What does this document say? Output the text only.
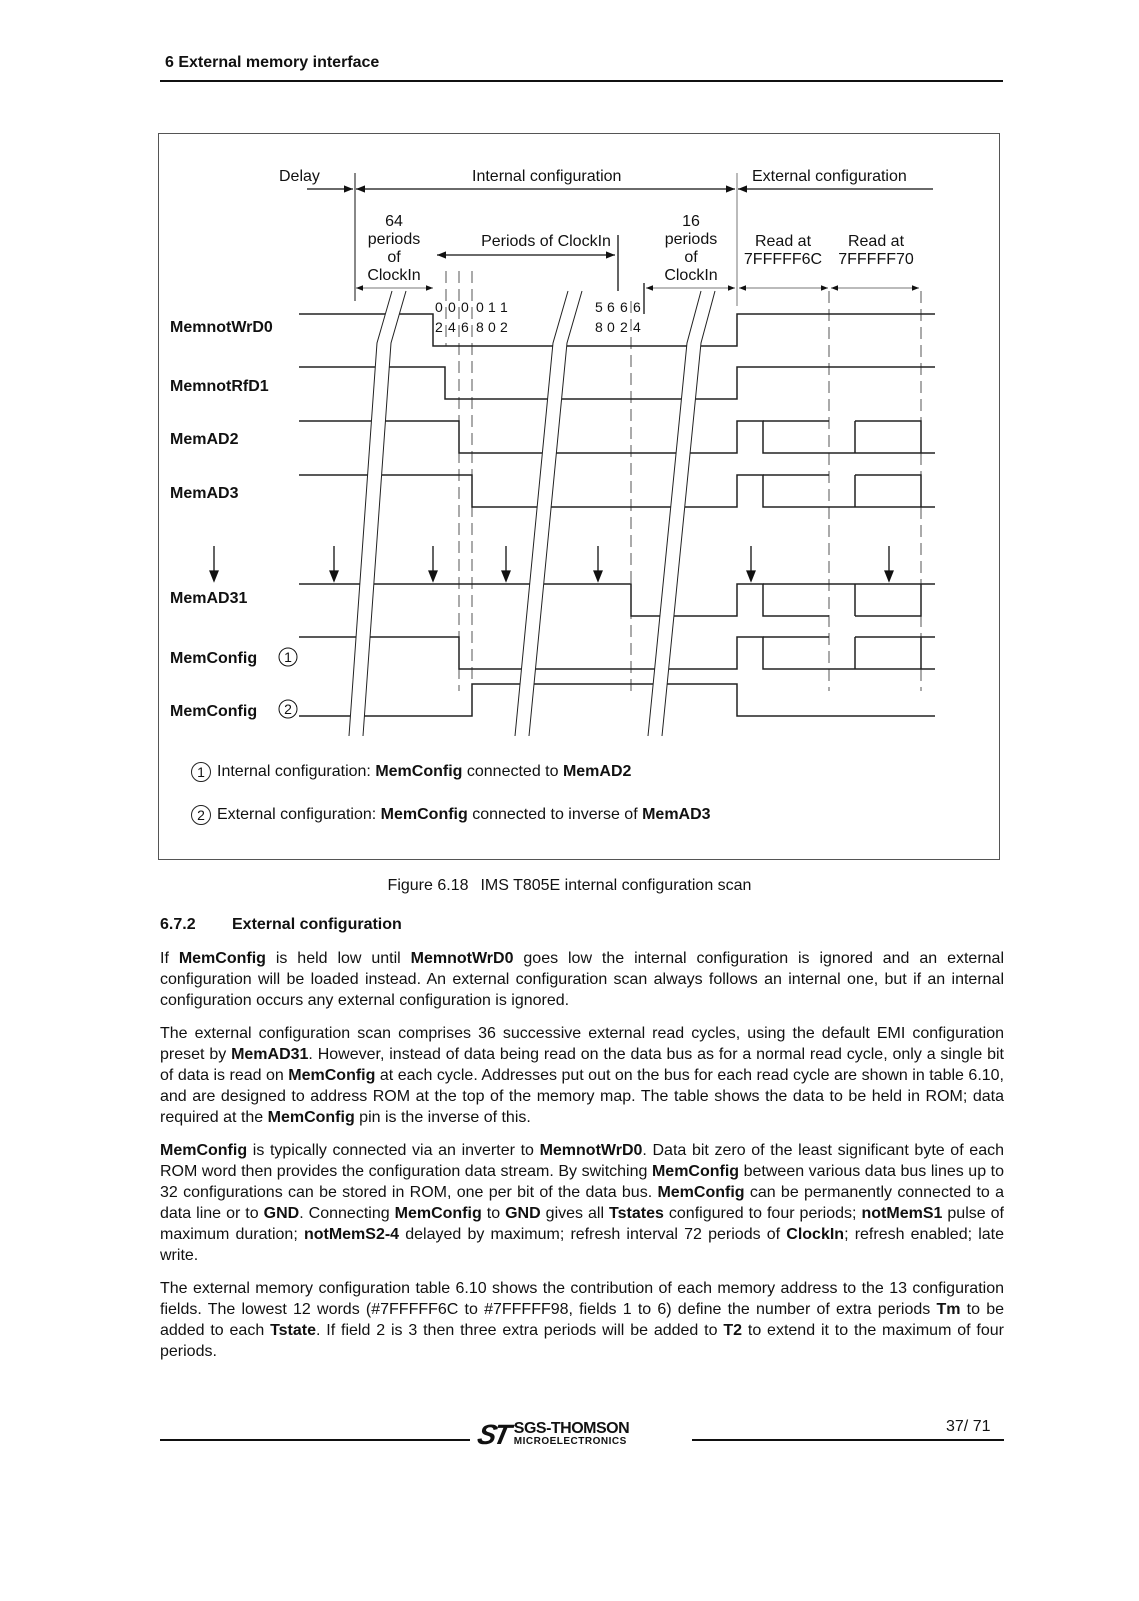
6 External memory interface
Delay	Internal configuration	External configuration
64
periods
of
ClockIn
Periods of ClockIn
16
periods
of
ClockIn
Read at
7FFFFF6C
Read at
7FFFFF70
0
2
0
4
0
6
0
8
1
0
1
2
5
8
6
0
6
2
6
4
MemnotWrD0
MemnotRfD1
MemAD2
MemAD3
MemAD31
MemConfig
MemConfig
1
2
1 Internal configuration: MemConfig connected to MemAD2
2 External configuration: MemConfig connected to inverse of MemAD3
Figure 6.18 IMS T805E internal configuration scan
6.7.2 External configuration

If MemConfig is held low until MemnotWrD0 goes low the internal configuration is ignored and an external configuration will be loaded instead. An external configuration scan always follows an internal one, but if an internal configuration occurs any external configuration is ignored.

The external configuration scan comprises 36 successive external read cycles, using the default EMI configuration preset by MemAD31. However, instead of data being read on the data bus as for a normal read cycle, only a single bit of data is read on MemConfig at each cycle. Addresses put out on the bus for each read cycle are shown in table 6.10, and are designed to address ROM at the top of the memory map. The table shows the data to be held in ROM; data required at the MemConfig pin is the inverse of this.

MemConfig is typically connected via an inverter to MemnotWrD0. Data bit zero of the least significant byte of each ROM word then provides the configuration data stream. By switching MemConfig between various data bus lines up to 32 configurations can be stored in ROM, one per bit of the data bus. MemConfig can be permanently connected to a data line or to GND. Connecting MemConfig to GND gives all Tstates configured to four periods; notMemS1 pulse of maximum duration; notMemS2-4 delayed by maximum; refresh interval 72 periods of ClockIn; refresh enabled; late write.

The external memory configuration table 6.10 shows the contribution of each memory address to the 13 configuration fields. The lowest 12 words (#7FFFFF6C to #7FFFFF98, fields 1 to 6) define the number of extra periods Tm to be added to each Tstate. If field 2 is 3 then three extra periods will be added to T2 to extend it to the maximum of four periods.

ST SGS-THOMSON
MICROELECTRONICS
37/ 71
